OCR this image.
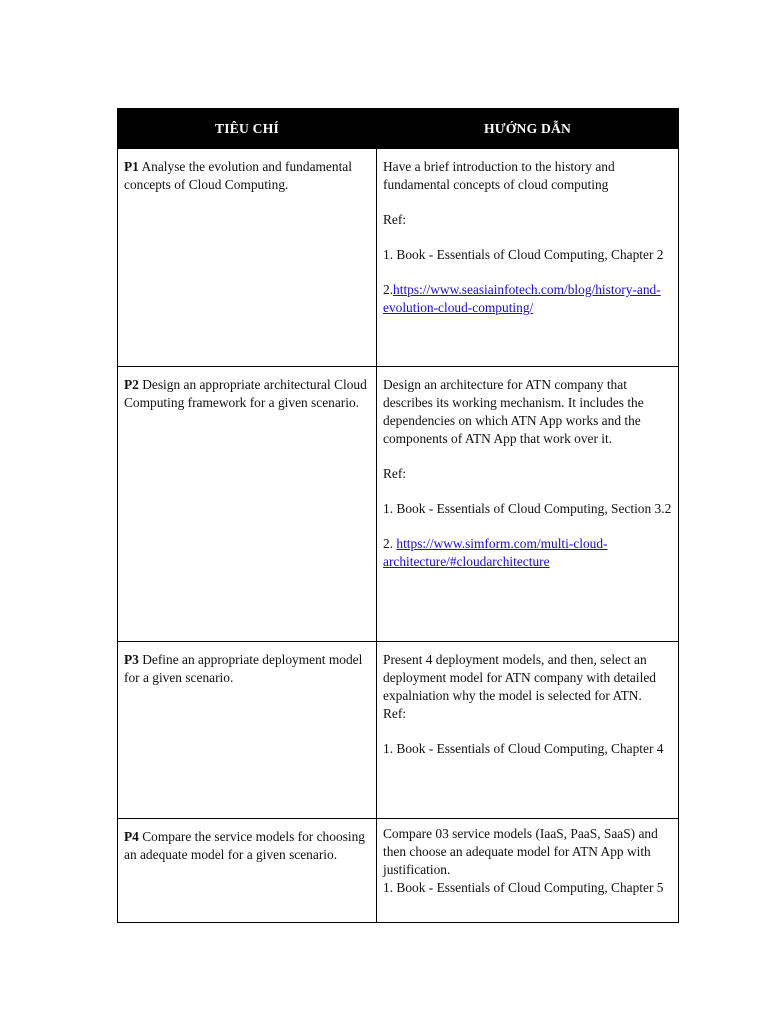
TIÊU CHÍ	HƯỚNG DẪN

P1 Analyse the evolution and fundamental concepts of Cloud Computing.	Have a brief introduction to the history and fundamental concepts of cloud computing

Ref:

1. Book - Essentials of Cloud Computing, Chapter 2

2.https://www.seasiainfotech.com/blog/history-and-evolution-cloud-computing/

P2 Design an appropriate architectural Cloud Computing framework for a given scenario.	Design an architecture for ATN company that describes its working mechanism. It includes the dependencies on which ATN App works and the components of ATN App that work over it.

Ref:

1. Book - Essentials of Cloud Computing, Section 3.2

2. https://www.simform.com/multi-cloud-architecture/#cloudarchitecture

P3 Define an appropriate deployment model for a given scenario.	Present 4 deployment models, and then, select an deployment model for ATN company with detailed expalniation why the model is selected for ATN.

Ref:

1. Book - Essentials of Cloud Computing, Chapter 4

P4 Compare the service models for choosing an adequate model for a given scenario.	Compare 03 service models (IaaS, PaaS, SaaS) and then choose an adequate model for ATN App with justification.

1. Book - Essentials of Cloud Computing, Chapter 5
